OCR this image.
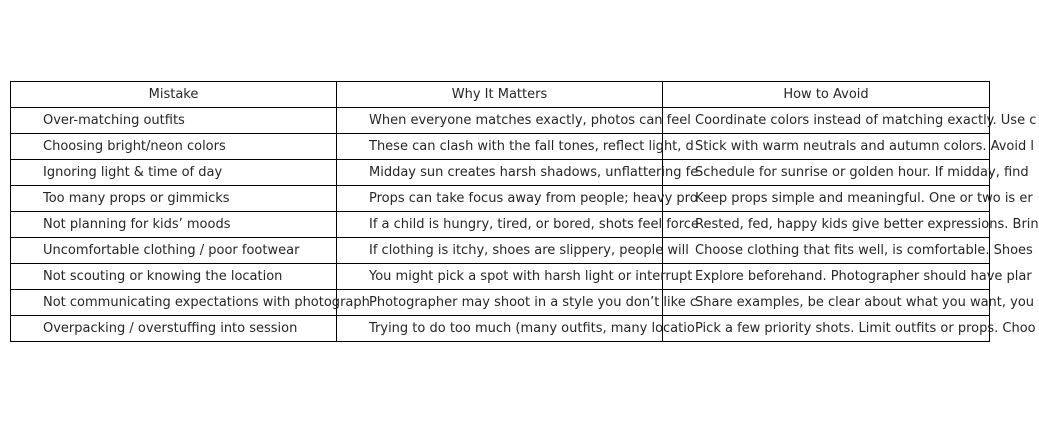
Mistake	Why It Matters	How to Avoid
Over-matching outfits	When everyone matches exactly, photos can feel	Coordinate colors instead of matching exactly. Use c
Choosing bright/neon colors	These can clash with the fall tones, reflect light, d	Stick with warm neutrals and autumn colors. Avoid l
Ignoring light & time of day	Midday sun creates harsh shadows, unflattering fe	Schedule for sunrise or golden hour. If midday, find
Too many props or gimmicks	Props can take focus away from people; heavy pro	Keep props simple and meaningful. One or two is er
Not planning for kids’ moods	If a child is hungry, tired, or bored, shots feel force	Rested, fed, happy kids give better expressions. Brin
Uncomfortable clothing / poor footwear	If clothing is itchy, shoes are slippery, people will	Choose clothing that fits well, is comfortable. Shoes
Not scouting or knowing the location	You might pick a spot with harsh light or interrupt	Explore beforehand. Photographer should have plar
Not communicating expectations with photograph	Photographer may shoot in a style you don’t like c	Share examples, be clear about what you want, you
Overpacking / overstuffing into session	Trying to do too much (many outfits, many locatio	Pick a few priority shots. Limit outfits or props. Choo
